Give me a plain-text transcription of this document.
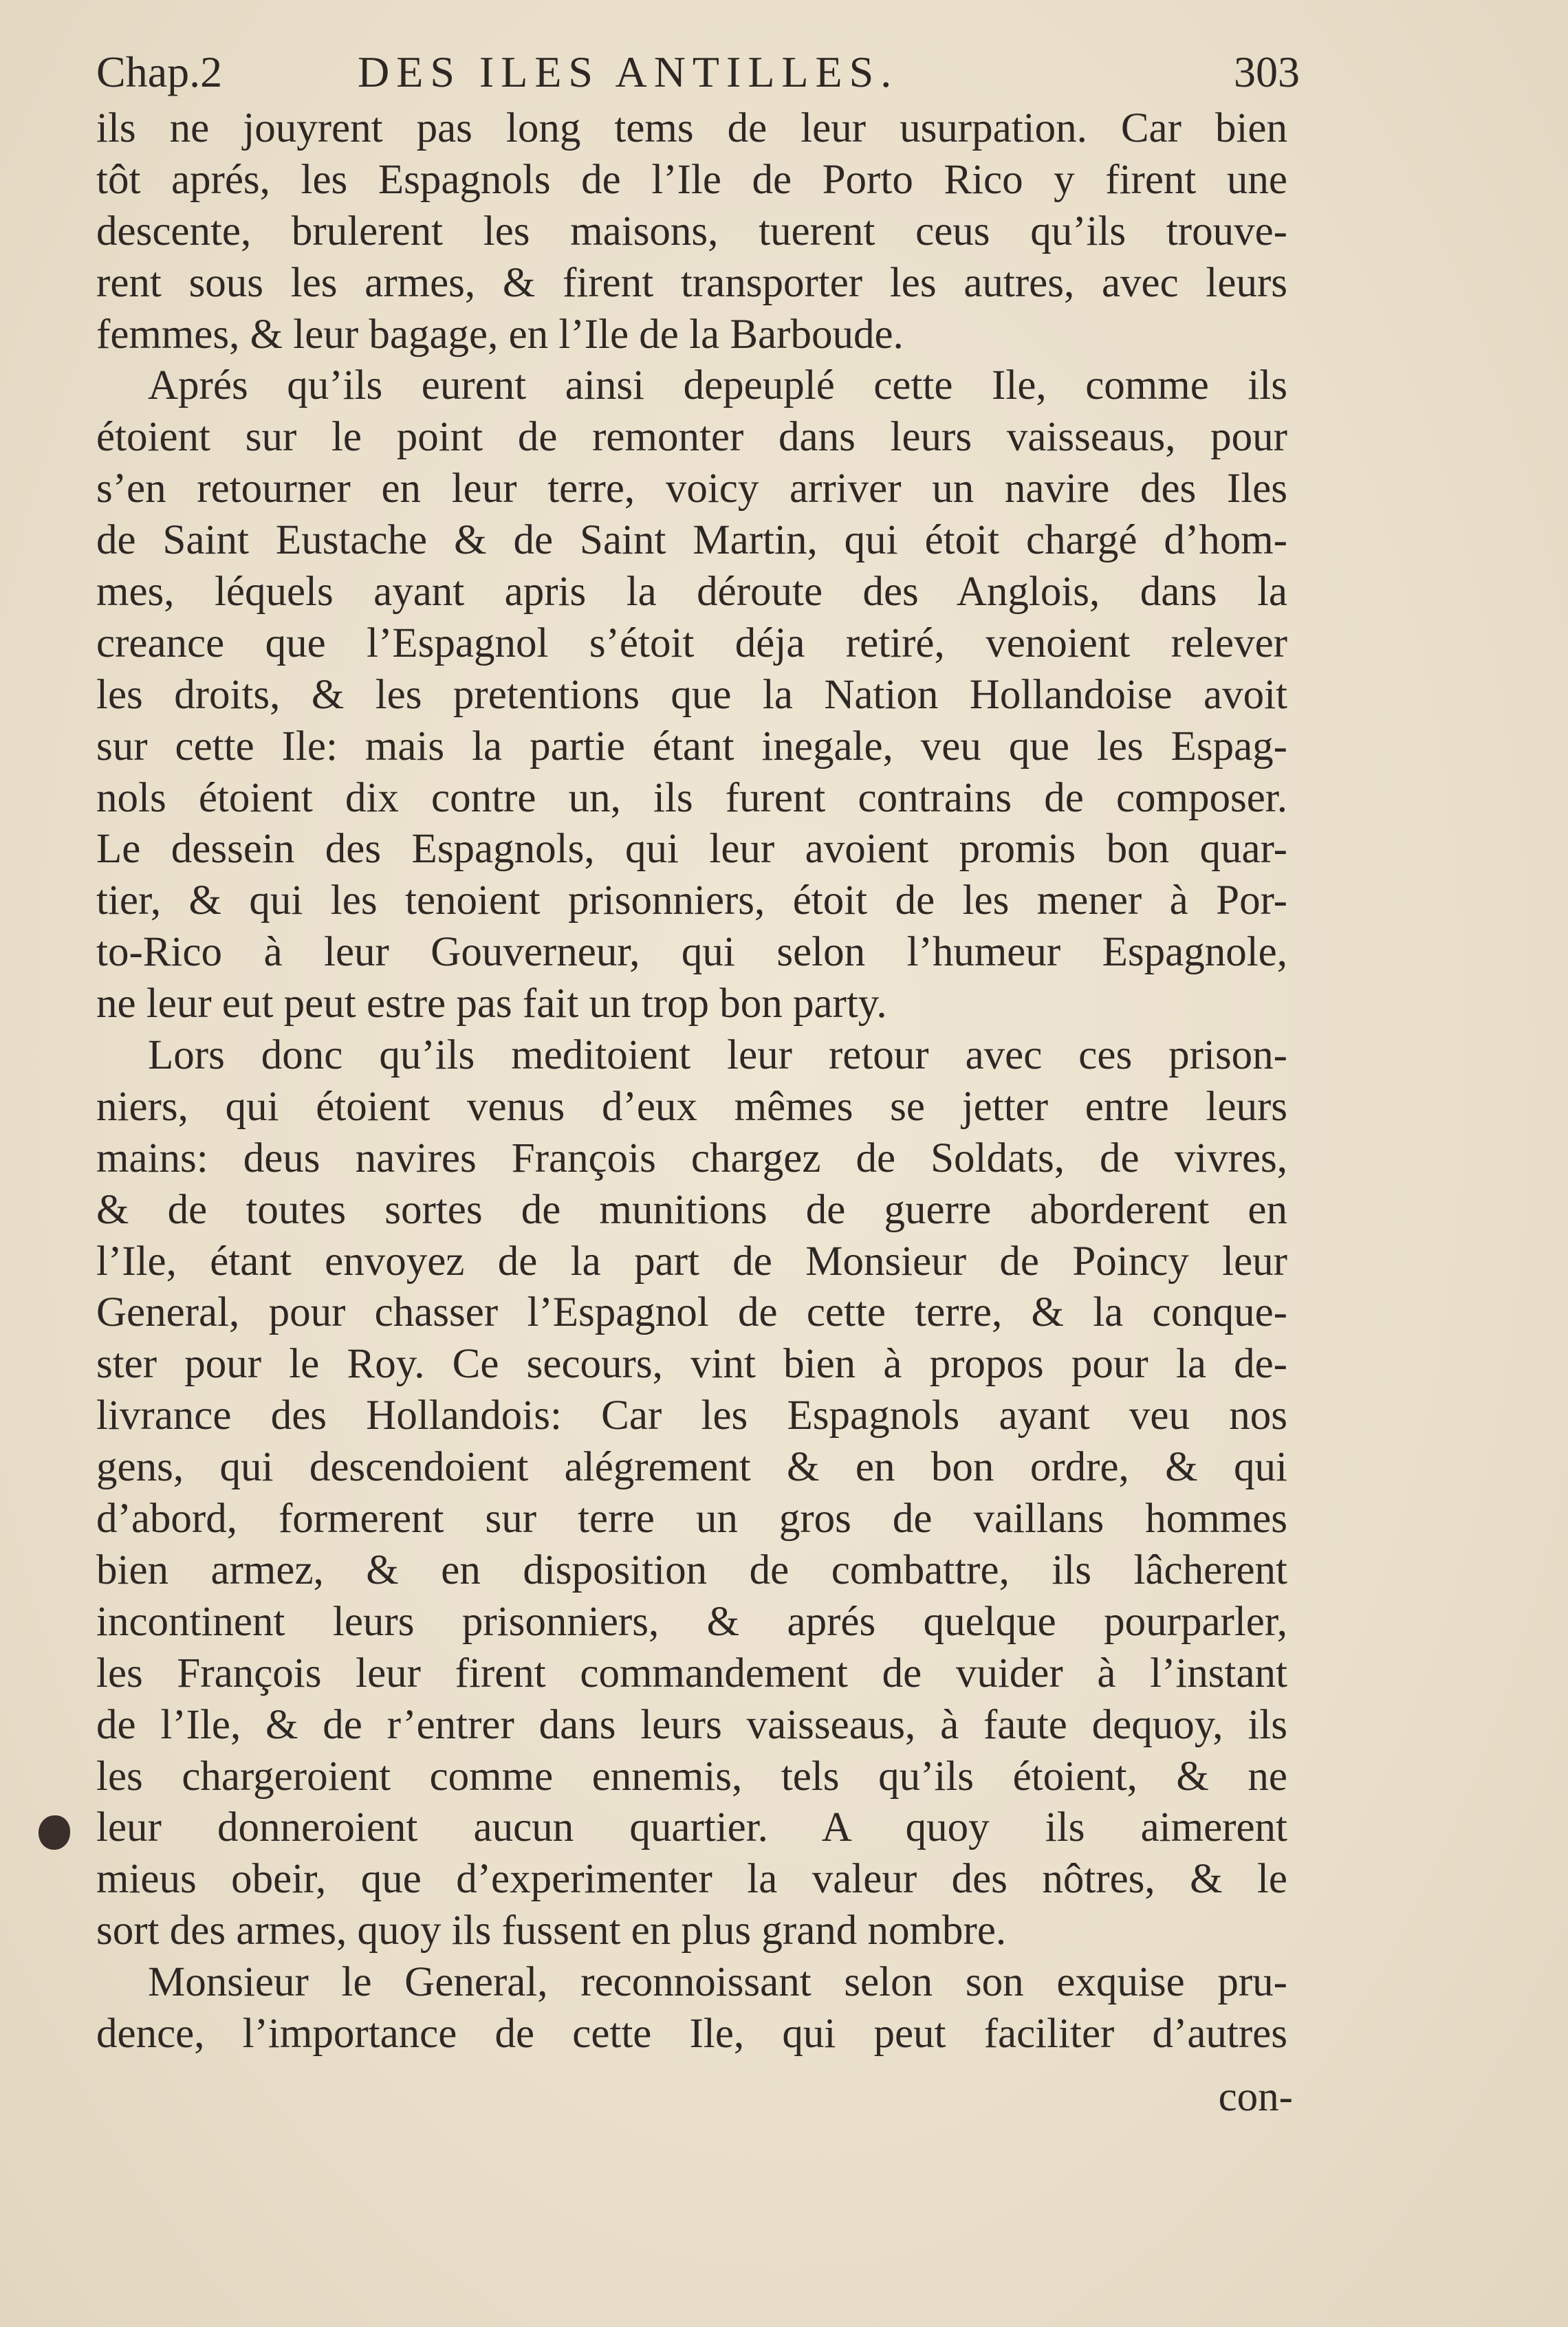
Chap.2	DES ILES ANTILLES.	303
ils ne jouyrent pas long tems de leur usurpation. Car bien
tôt aprés, les Espagnols de l’Ile de Porto Rico y firent une
descente, brulerent les maisons, tuerent ceus qu’ils trouve-
rent sous les armes, & firent transporter les autres, avec leurs
femmes, & leur bagage, en l’Ile de la Barboude.
Aprés qu’ils eurent ainsi depeuplé cette Ile, comme ils
étoient sur le point de remonter dans leurs vaisseaus, pour
s’en retourner en leur terre, voicy arriver un navire des Iles
de Saint Eustache & de Saint Martin, qui étoit chargé d’hom-
mes, léquels ayant apris la déroute des Anglois, dans la
creance que l’Espagnol s’étoit déja retiré, venoient relever
les droits, & les pretentions que la Nation Hollandoise avoit
sur cette Ile: mais la partie étant inegale, veu que les Espag-
nols étoient dix contre un, ils furent contrains de composer.
Le dessein des Espagnols, qui leur avoient promis bon quar-
tier, & qui les tenoient prisonniers, étoit de les mener à Por-
to-Rico à leur Gouverneur, qui selon l’humeur Espagnole,
ne leur eut peut estre pas fait un trop bon party.
Lors donc qu’ils meditoient leur retour avec ces prison-
niers, qui étoient venus d’eux mêmes se jetter entre leurs
mains: deus navires François chargez de Soldats, de vivres,
& de toutes sortes de munitions de guerre aborderent en
l’Ile, étant envoyez de la part de Monsieur de Poincy leur
General, pour chasser l’Espagnol de cette terre, & la conque-
ster pour le Roy. Ce secours, vint bien à propos pour la de-
livrance des Hollandois: Car les Espagnols ayant veu nos
gens, qui descendoient alégrement & en bon ordre, & qui
d’abord, formerent sur terre un gros de vaillans hommes
bien armez, & en disposition de combattre, ils lâcherent
incontinent leurs prisonniers, & aprés quelque pourparler,
les François leur firent commandement de vuider à l’instant
de l’Ile, & de r’entrer dans leurs vaisseaus, à faute dequoy, ils
les chargeroient comme ennemis, tels qu’ils étoient, & ne
leur donneroient aucun quartier. A quoy ils aimerent
mieus obeir, que d’experimenter la valeur des nôtres, & le
sort des armes, quoy ils fussent en plus grand nombre.
Monsieur le General, reconnoissant selon son exquise pru-
dence, l’importance de cette Ile, qui peut faciliter d’autres
con-
